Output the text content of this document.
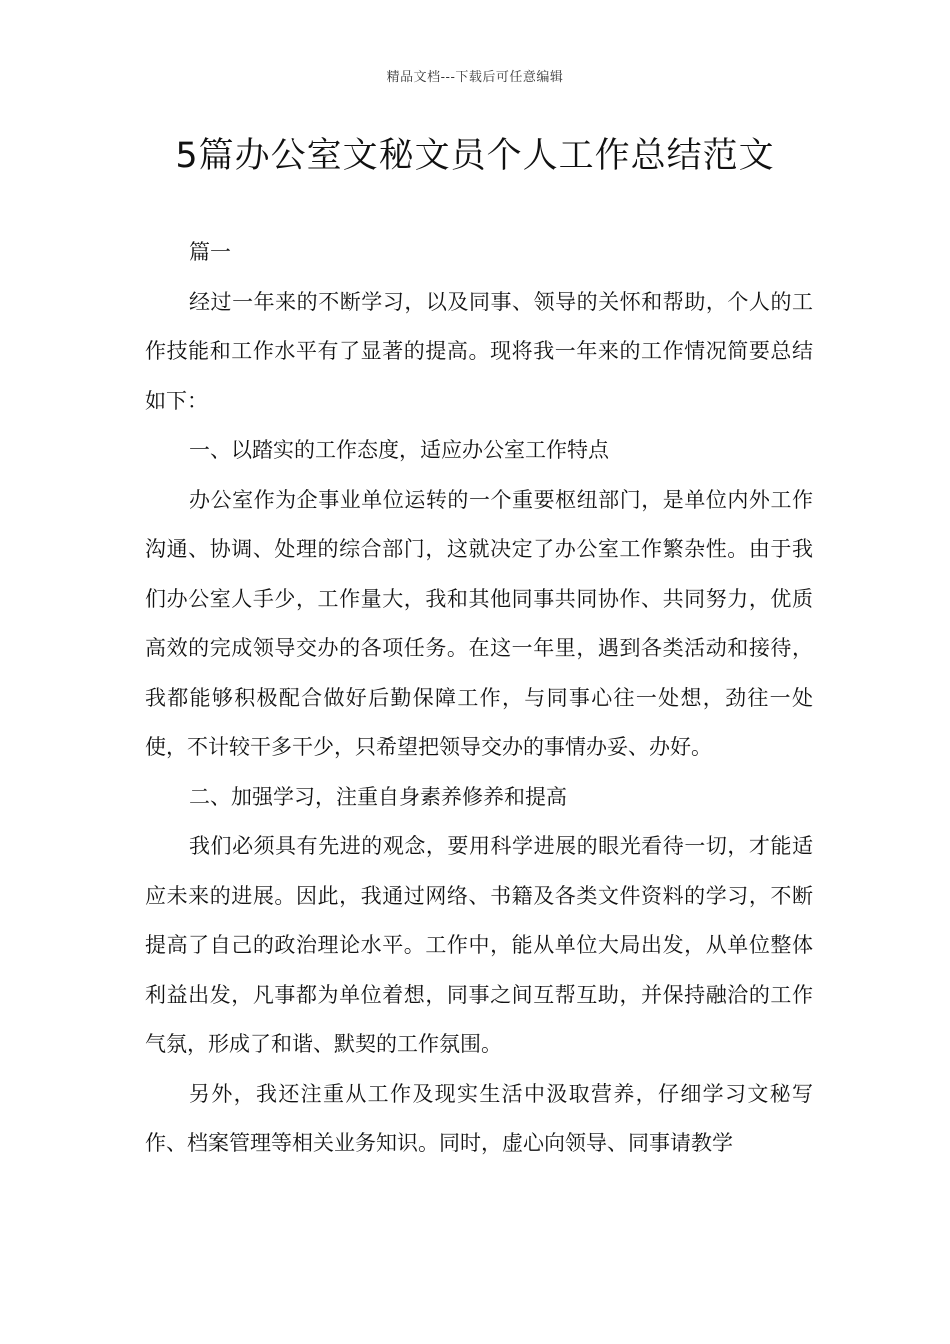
精品文档---下载后可任意编辑
5篇办公室文秘文员个人工作总结范文

篇一

经过一年来的不断学习，以及同事、领导的关怀和帮助，个人的工作技能和工作水平有了显著的提高。现将我一年来的工作情况简要总结如下：

一、以踏实的工作态度，适应办公室工作特点

办公室作为企事业单位运转的一个重要枢纽部门，是单位内外工作沟通、协调、处理的综合部门，这就决定了办公室工作繁杂性。由于我们办公室人手少，工作量大，我和其他同事共同协作、共同努力，优质高效的完成领导交办的各项任务。在这一年里，遇到各类活动和接待，我都能够积极配合做好后勤保障工作，与同事心往一处想，劲往一处使，不计较干多干少，只希望把领导交办的事情办妥、办好。

二、加强学习，注重自身素养修养和提高

我们必须具有先进的观念，要用科学进展的眼光看待一切，才能适应未来的进展。因此，我通过网络、书籍及各类文件资料的学习，不断提高了自己的政治理论水平。工作中，能从单位大局出发，从单位整体利益出发，凡事都为单位着想，同事之间互帮互助，并保持融洽的工作气氛，形成了和谐、默契的工作氛围。

另外，我还注重从工作及现实生活中汲取营养，仔细学习文秘写作、档案管理等相关业务知识。同时，虚心向领导、同事请教学
